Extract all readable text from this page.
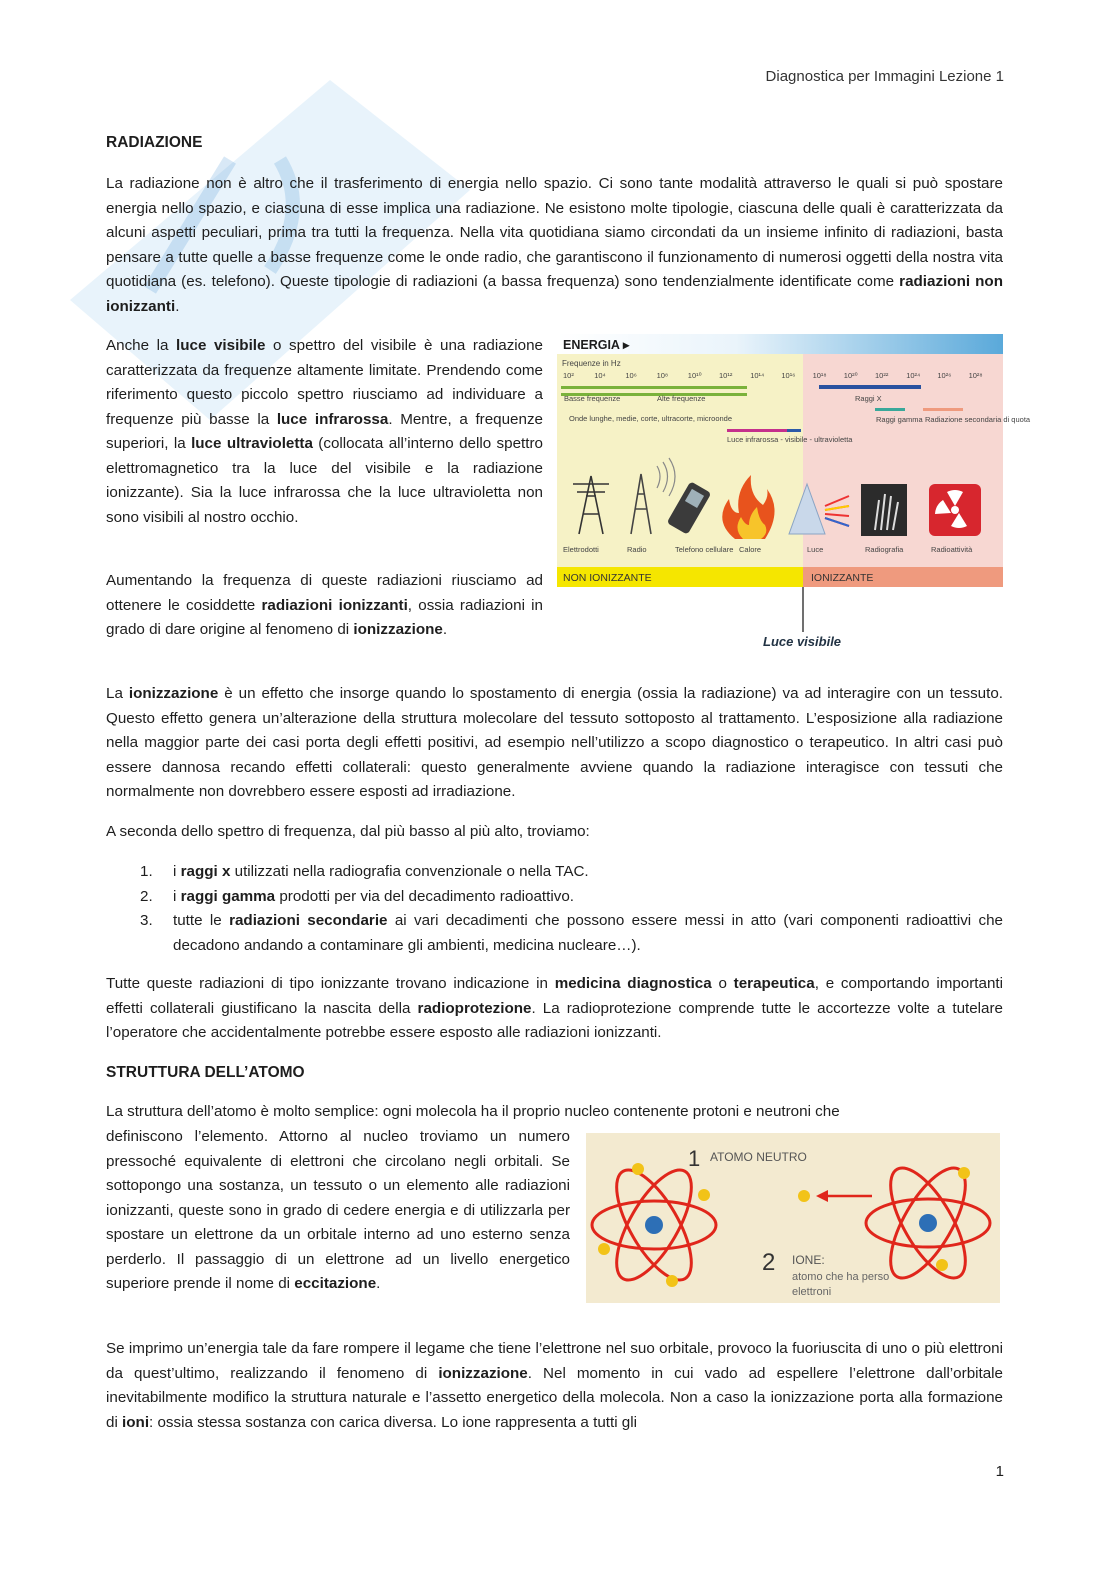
Diagnostica per Immagini Lezione 1
RADIAZIONE
La radiazione non è altro che il trasferimento di energia nello spazio. Ci sono tante modalità attraverso le quali si può spostare energia nello spazio, e ciascuna di esse implica una radiazione. Ne esistono molte tipologie, ciascuna delle quali è caratterizzata da alcuni aspetti peculiari, prima tra tutti la frequenza. Nella vita quotidiana siamo circondati da un insieme infinito di radiazioni, basta pensare a tutte quelle a basse frequenze come le onde radio, che garantiscono il funzionamento di numerosi oggetti della nostra vita quotidiana (es. telefono). Queste tipologie di radiazioni (a bassa frequenza) sono tendenzialmente identificate come radiazioni non ionizzanti.
Anche la luce visibile o spettro del visibile è una radiazione caratterizzata da frequenze altamente limitate. Prendendo come riferimento questo piccolo spettro riusciamo ad individuare a frequenze più basse la luce infrarossa. Mentre, a frequenze superiori, la luce ultravioletta (collocata all’interno dello spettro elettromagnetico tra la luce del visibile e la radiazione ionizzante). Sia la luce infrarossa che la luce ultravioletta non sono visibili al nostro occhio.
Aumentando la frequenza di queste radiazioni riusciamo ad ottenere le cosiddette radiazioni ionizzanti, ossia radiazioni in grado di dare origine al fenomeno di ionizzazione.
ENERGIA ▸
Frequenze in Hz
10²	10⁴	10⁶	10⁸	10¹⁰ 10¹² 10¹⁴ 10¹⁶ 10¹⁸ 10²⁰ 10²² 10²⁴ 10²⁶ 10²⁸
Basse frequenze	Alte frequenze
Onde lunghe, medie, corte, ultracorte, microonde
Luce infrarossa - visibile - ultravioletta
Raggi X
Raggi gamma Radiazione secondaria di quota
Elettrodotti	Radio	Telefono cellulare Calore	Luce	Radiografia	Radioattività
NON IONIZZANTE	IONIZZANTE
Luce visibile
La ionizzazione è un effetto che insorge quando lo spostamento di energia (ossia la radiazione) va ad interagire con un tessuto. Questo effetto genera un’alterazione della struttura molecolare del tessuto sottoposto al trattamento. L’esposizione alla radiazione nella maggior parte dei casi porta degli effetti positivi, ad esempio nell’utilizzo a scopo diagnostico o terapeutico. In altri casi può essere dannosa recando effetti collaterali: questo generalmente avviene quando la radiazione interagisce con tessuti che normalmente non dovrebbero essere esposti ad irradiazione.
A seconda dello spettro di frequenza, dal più basso al più alto, troviamo:
1. i raggi x utilizzati nella radiografia convenzionale o nella TAC.
2. i raggi gamma prodotti per via del decadimento radioattivo.
3. tutte le radiazioni secondarie ai vari decadimenti che possono essere messi in atto (vari componenti radioattivi che decadono andando a contaminare gli ambienti, medicina nucleare…).
Tutte queste radiazioni di tipo ionizzante trovano indicazione in medicina diagnostica o terapeutica, e comportando importanti effetti collaterali giustificano la nascita della radioprotezione. La radioprotezione comprende tutte le accortezze volte a tutelare l’operatore che accidentalmente potrebbe essere esposto alle radiazioni ionizzanti.
STRUTTURA DELL’ATOMO
La struttura dell’atomo è molto semplice: ogni molecola ha il proprio nucleo contenente protoni e neutroni che
definiscono l’elemento. Attorno al nucleo troviamo un numero pressoché equivalente di elettroni che circolano negli orbitali. Se sottopongo una sostanza, un tessuto o un elemento alle radiazioni ionizzanti, queste sono in grado di cedere energia e di utilizzarla per spostare un elettrone da un orbitale interno ad uno esterno senza perderlo. Il passaggio di un elettrone ad un livello energetico superiore prende il nome di eccitazione.
1 ATOMO NEUTRO
2 IONE:
atomo che ha perso
elettroni
Se imprimo un’energia tale da fare rompere il legame che tiene l’elettrone nel suo orbitale, provoco la fuoriuscita di uno o più elettroni da quest’ultimo, realizzando il fenomeno di ionizzazione. Nel momento in cui vado ad espellere l’elettrone dall’orbitale inevitabilmente modifico la struttura naturale e l’assetto energetico della molecola. Non a caso la ionizzazione porta alla formazione di ioni: ossia stessa sostanza con carica diversa. Lo ione rappresenta a tutti gli
1
